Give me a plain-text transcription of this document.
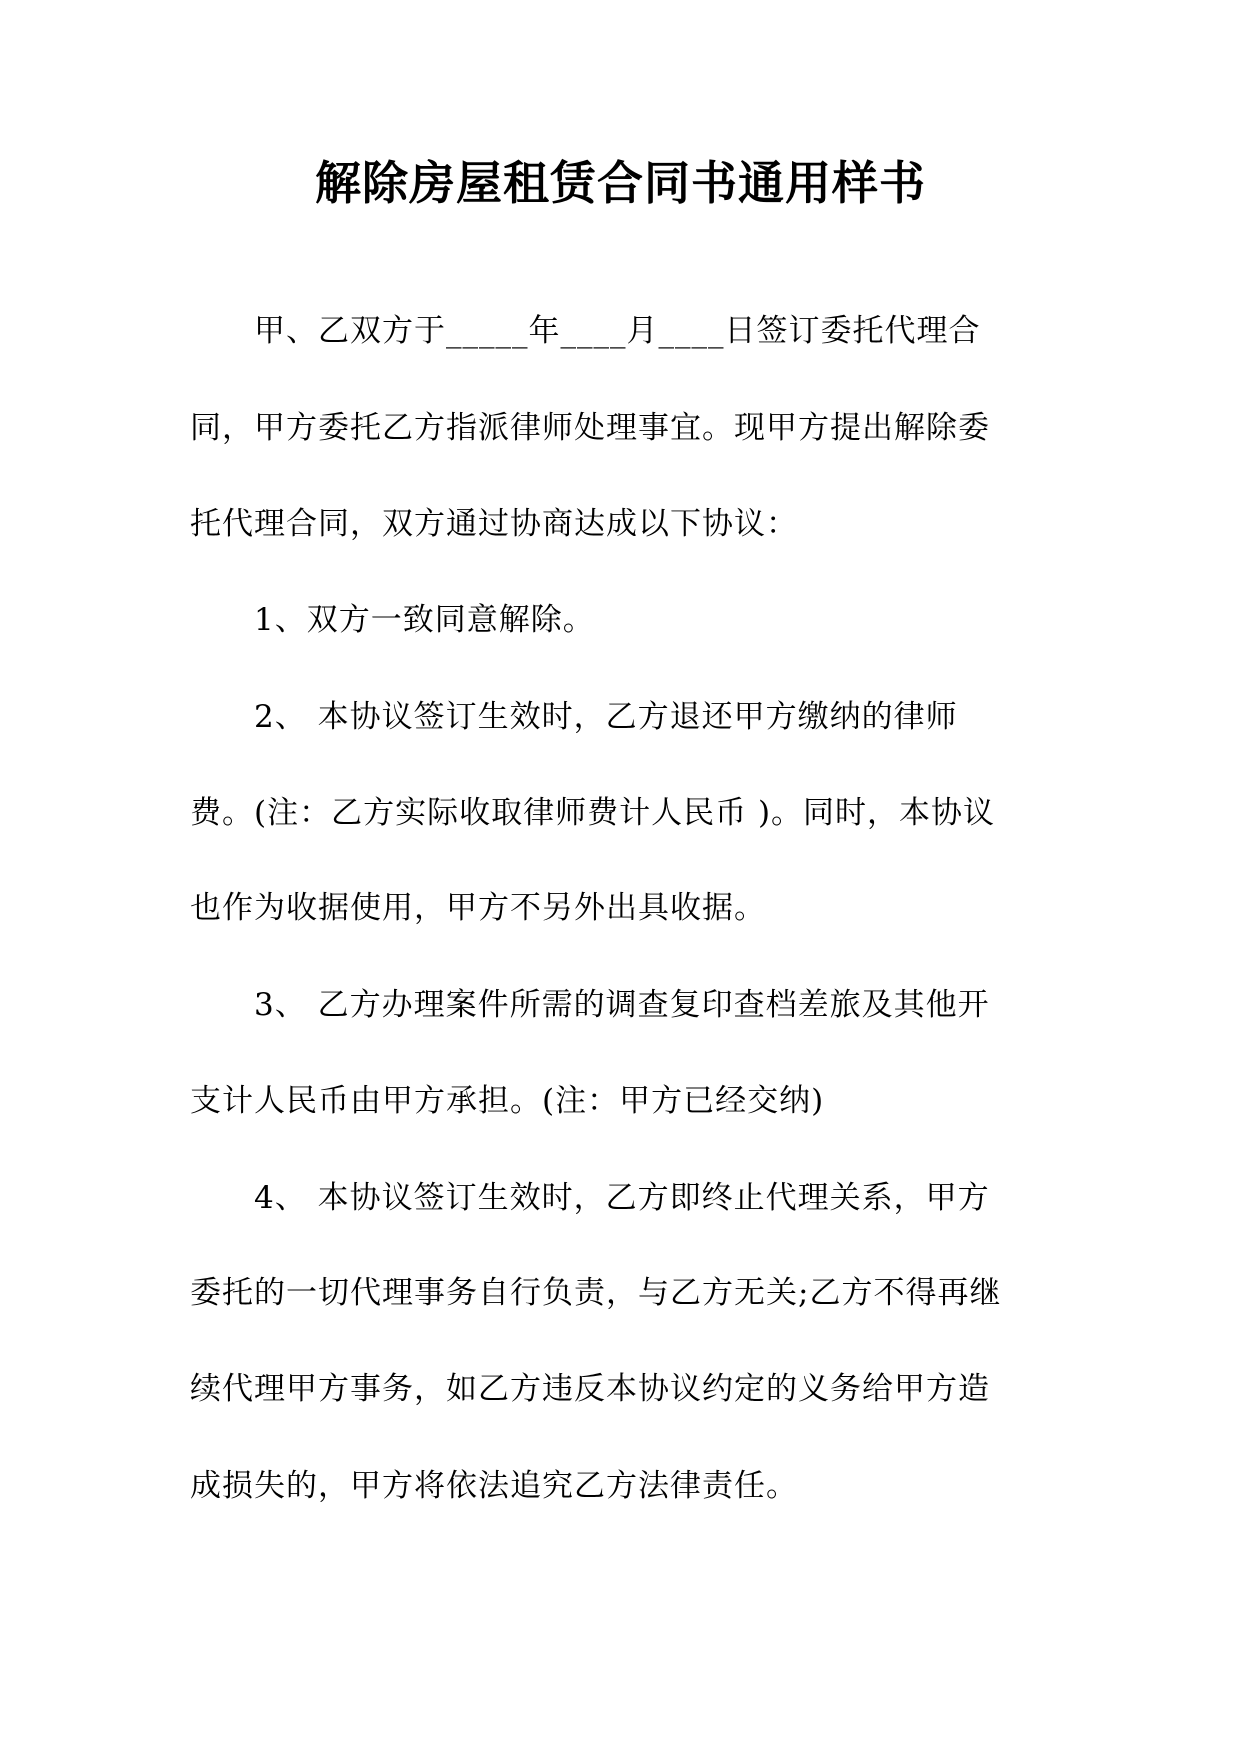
解除房屋租赁合同书通用样书
甲、乙双方于_____年____月____日签订委托代理合
同，甲方委托乙方指派律师处理事宜。现甲方提出解除委
托代理合同，双方通过协商达成以下协议：
1、双方一致同意解除。
2、 本协议签订生效时，乙方退还甲方缴纳的律师
费。(注：乙方实际收取律师费计人民币 )。同时，本协议
也作为收据使用，甲方不另外出具收据。
3、 乙方办理案件所需的调查复印查档差旅及其他开
支计人民币由甲方承担。(注：甲方已经交纳)
4、 本协议签订生效时，乙方即终止代理关系，甲方
委托的一切代理事务自行负责，与乙方无关;乙方不得再继
续代理甲方事务，如乙方违反本协议约定的义务给甲方造
成损失的，甲方将依法追究乙方法律责任。
